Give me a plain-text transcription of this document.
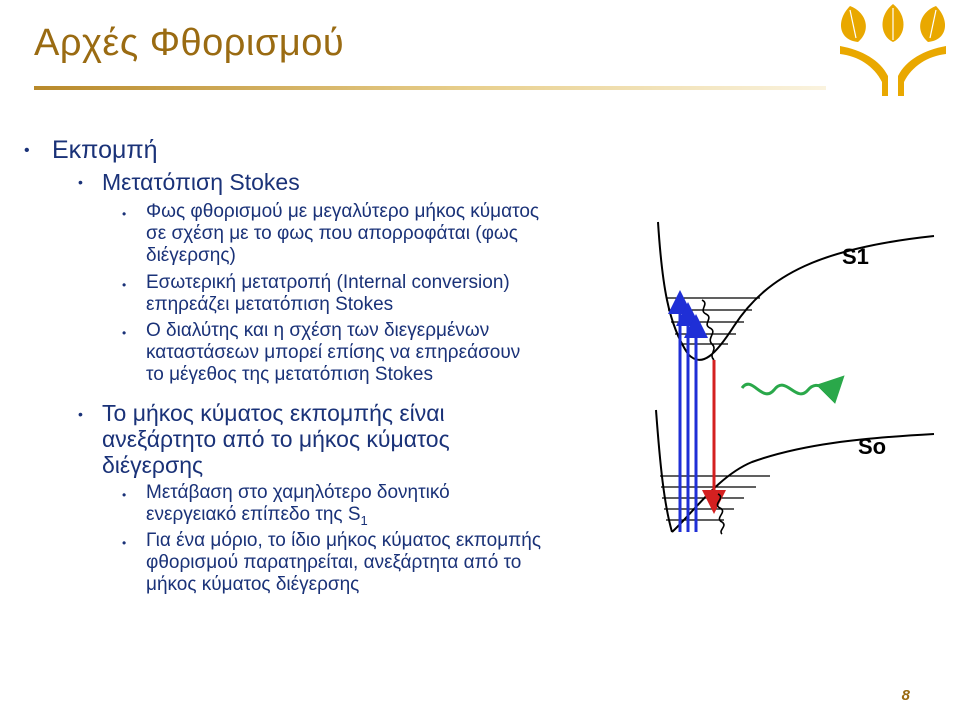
Αρχές Φθορισμού
• Εκπομπή
• Μετατόπιση Stokes
• Φως φθορισμού με μεγαλύτερο μήκος κύματος
σε σχέση με το φως που απορροφάται (φως
διέγερσης)
• Εσωτερική μετατροπή (Internal conversion)
επηρεάζει μετατόπιση Stokes
• Ο διαλύτης και η σχέση των διεγερμένων
καταστάσεων μπορεί επίσης να επηρεάσουν
το μέγεθος της μετατόπιση Stokes
• Το μήκος κύματος εκπομπής είναι
ανεξάρτητο από το μήκος κύματος
διέγερσης
• Μετάβαση στο χαμηλότερο δονητικό
ενεργειακό επίπεδο της $S_1$
• Για ένα μόριο, το ίδιο μήκος κύματος εκπομπής
φθορισμού παρατηρείται, ανεξάρτητα από το
μήκος κύματος διέγερσης
S1
So
8
